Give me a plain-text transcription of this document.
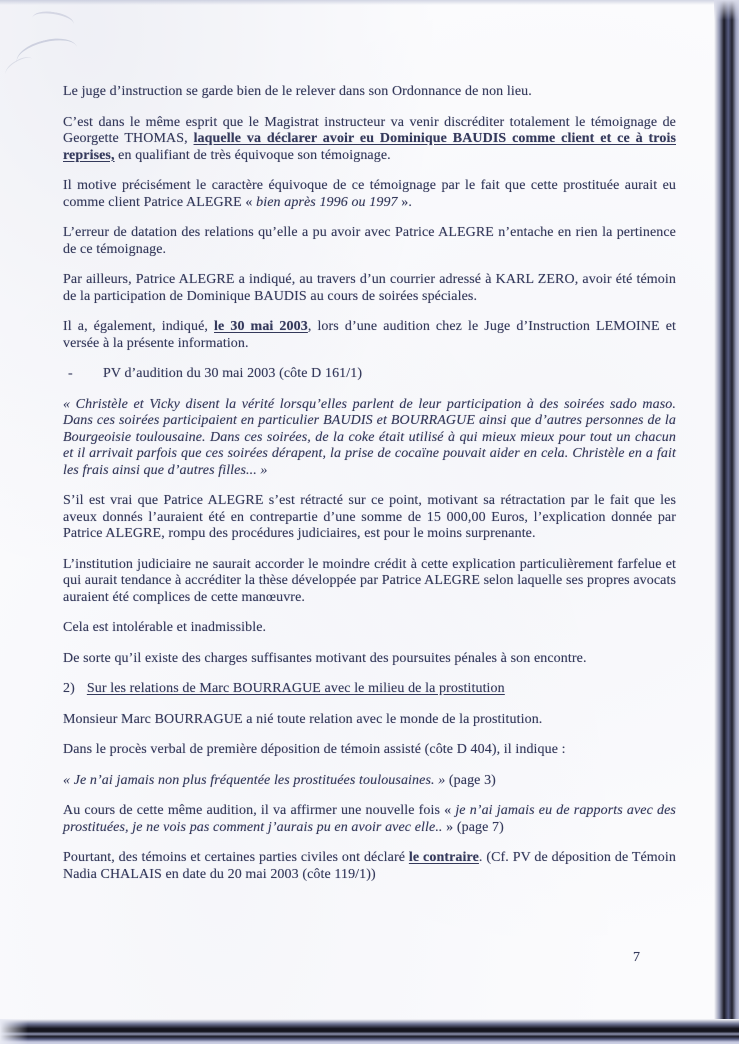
Le juge d’instruction se garde bien de le relever dans son Ordonnance de non lieu.

C’est dans le même esprit que le Magistrat instructeur va venir discréditer totalement le témoignage de Georgette THOMAS, laquelle va déclarer avoir eu Dominique BAUDIS comme client et ce à trois reprises, en qualifiant de très équivoque son témoignage.

Il motive précisément le caractère équivoque de ce témoignage par le fait que cette prostituée aurait eu comme client Patrice ALEGRE « bien après 1996 ou 1997 ».

L’erreur de datation des relations qu’elle a pu avoir avec Patrice ALEGRE n’entache en rien la pertinence de ce témoignage.

Par ailleurs, Patrice ALEGRE a indiqué, au travers d’un courrier adressé à KARL ZERO, avoir été témoin de la participation de Dominique BAUDIS au cours de soirées spéciales.

Il a, également, indiqué, le 30 mai 2003, lors d’une audition chez le Juge d’Instruction LEMOINE et versée à la présente information.

- PV d’audition du 30 mai 2003 (côte D 161/1)

« Christèle et Vicky disent la vérité lorsqu’elles parlent de leur participation à des soirées sado maso. Dans ces soirées participaient en particulier BAUDIS et BOURRAGUE ainsi que d’autres personnes de la Bourgeoisie toulousaine. Dans ces soirées, de la coke était utilisé à qui mieux mieux pour tout un chacun et il arrivait parfois que ces soirées dérapent, la prise de cocaïne pouvait aider en cela. Christèle en a fait les frais ainsi que d’autres filles... »

S’il est vrai que Patrice ALEGRE s’est rétracté sur ce point, motivant sa rétractation par le fait que les aveux donnés l’auraient été en contrepartie d’une somme de 15 000,00 Euros, l’explication donnée par Patrice ALEGRE, rompu des procédures judiciaires, est pour le moins surprenante.

L’institution judiciaire ne saurait accorder le moindre crédit à cette explication particulièrement farfelue et qui aurait tendance à accréditer la thèse développée par Patrice ALEGRE selon laquelle ses propres avocats auraient été complices de cette manœuvre.

Cela est intolérable et inadmissible.

De sorte qu’il existe des charges suffisantes motivant des poursuites pénales à son encontre.

2) Sur les relations de Marc BOURRAGUE avec le milieu de la prostitution

Monsieur Marc BOURRAGUE a nié toute relation avec le monde de la prostitution.

Dans le procès verbal de première déposition de témoin assisté (côte D 404), il indique :

« Je n’ai jamais non plus fréquentée les prostituées toulousaines. » (page 3)

Au cours de cette même audition, il va affirmer une nouvelle fois « je n’ai jamais eu de rapports avec des prostituées, je ne vois pas comment j’aurais pu en avoir avec elle.. » (page 7)

Pourtant, des témoins et certaines parties civiles ont déclaré le contraire. (Cf. PV de déposition de Témoin Nadia CHALAIS en date du 20 mai 2003 (côte 119/1))

7
